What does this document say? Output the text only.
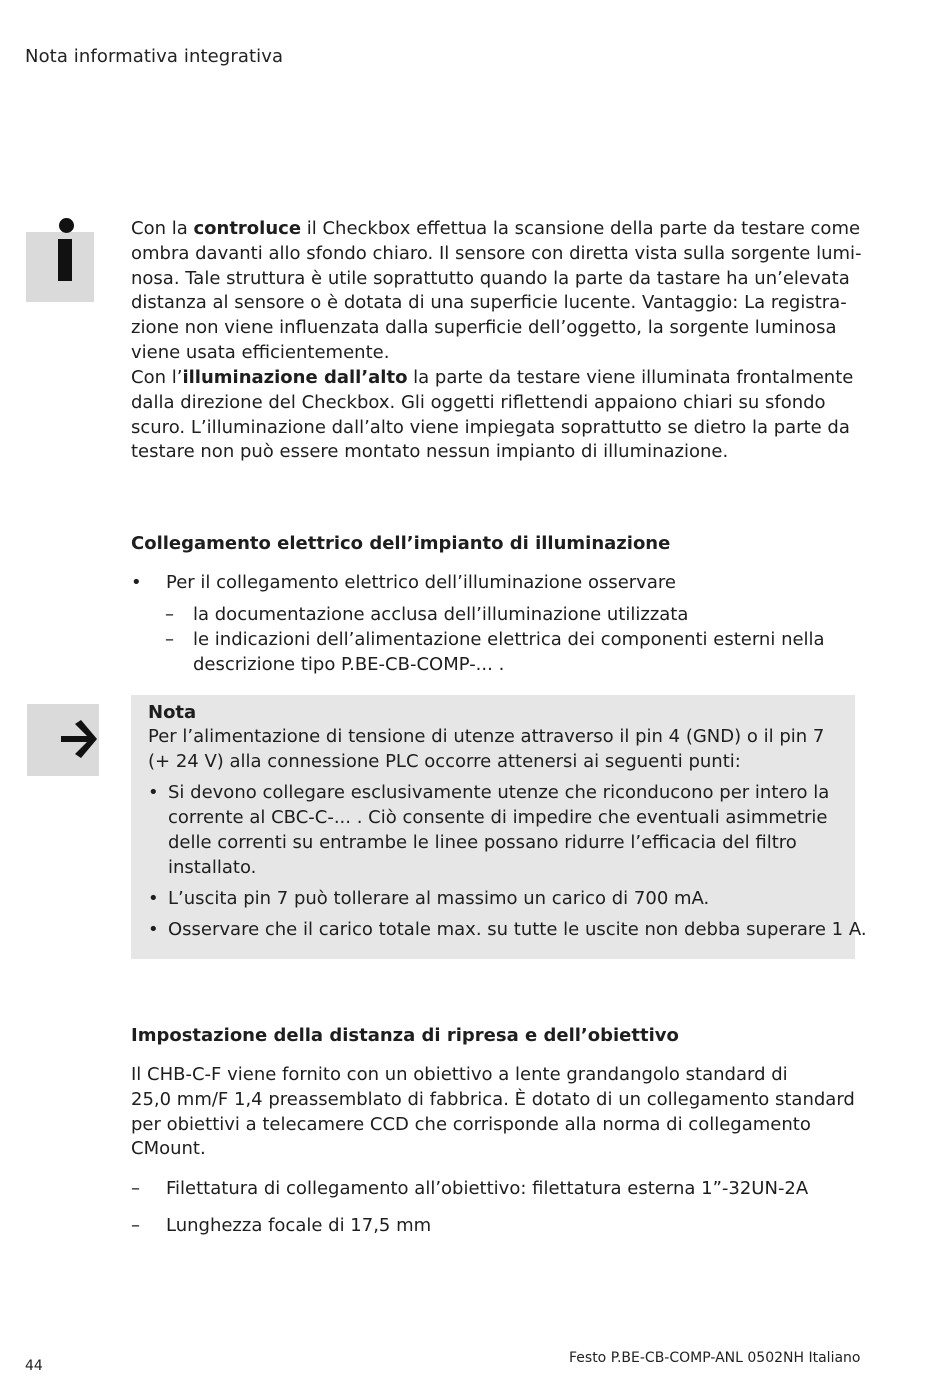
Nota informativa integrativa
Con la controluce il Checkbox effettua la scansione della parte da testare come
ombra davanti allo sfondo chiaro. Il sensore con diretta vista sulla sorgente lumi-
nosa. Tale struttura è utile soprattutto quando la parte da tastare ha un’elevata
distanza al sensore o è dotata di una superficie lucente. Vantaggio: La registra-
zione non viene influenzata dalla superficie dell’oggetto, la sorgente luminosa
viene usata efficientemente.
Con l’illuminazione dall’alto la parte da testare viene illuminata frontalmente
dalla direzione del Checkbox. Gli oggetti riflettendi appaiono chiari su sfondo
scuro. L’illuminazione dall’alto viene impiegata soprattutto se dietro la parte da
testare non può essere montato nessun impianto di illuminazione.
Collegamento elettrico dell’impianto di illuminazione
• Per il collegamento elettrico dell’illuminazione osservare
– la documentazione acclusa dell’illuminazione utilizzata
– le indicazioni dell’alimentazione elettrica dei componenti esterni nella
descrizione tipo P.BE-CB-COMP-... .
Nota
Per l’alimentazione di tensione di utenze attraverso il pin 4 (GND) o il pin 7
(+ 24 V) alla connessione PLC occorre attenersi ai seguenti punti:
• Si devono collegare esclusivamente utenze che riconducono per intero la
corrente al CBC-C-... . Ciò consente di impedire che eventuali asimmetrie
delle correnti su entrambe le linee possano ridurre l’efficacia del filtro
installato.
• L’uscita pin 7 può tollerare al massimo un carico di 700 mA.
• Osservare che il carico totale max. su tutte le uscite non debba superare 1 A.
Impostazione della distanza di ripresa e dell’obiettivo
Il CHB-C-F viene fornito con un obiettivo a lente grandangolo standard di
25,0 mm/F 1,4 preassemblato di fabbrica. È dotato di un collegamento standard
per obiettivi a telecamere CCD che corrisponde alla norma di collegamento
CMount.
– Filettatura di collegamento all’obiettivo: filettatura esterna 1”-32UN-2A
– Lunghezza focale di 17,5 mm
44	Festo P.BE-CB-COMP-ANL 0502NH Italiano
